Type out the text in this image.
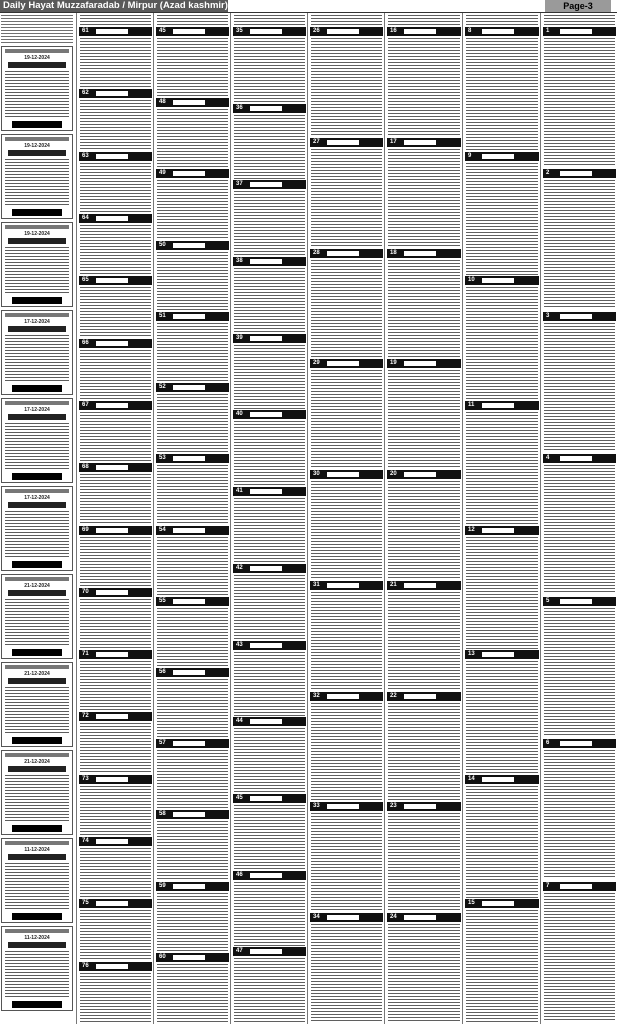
Daily Hayat Muzzafaradab / Mirpur (Azad kashmir)	Page-3
19-12-2024
19-12-2024
19-12-2024
17-12-2024
17-12-2024
17-12-2024
21-12-2024
21-12-2024
21-12-2024
11-12-2024
11-12-2024
61
62
63
64
65
66
67
68
69
70
71
72
73
74
75
76
45
48
49
50
51
52
53
54
55
56
57
58
59
60
35
36
37
38
39
40
41
42
43
44
45
46
47
26
27
28
29
30
31
32
33
34
16
17
18
19
20
21
22
23
24
8
9
10
11
12
13
14
15
1
2
3
4
5
6
7
